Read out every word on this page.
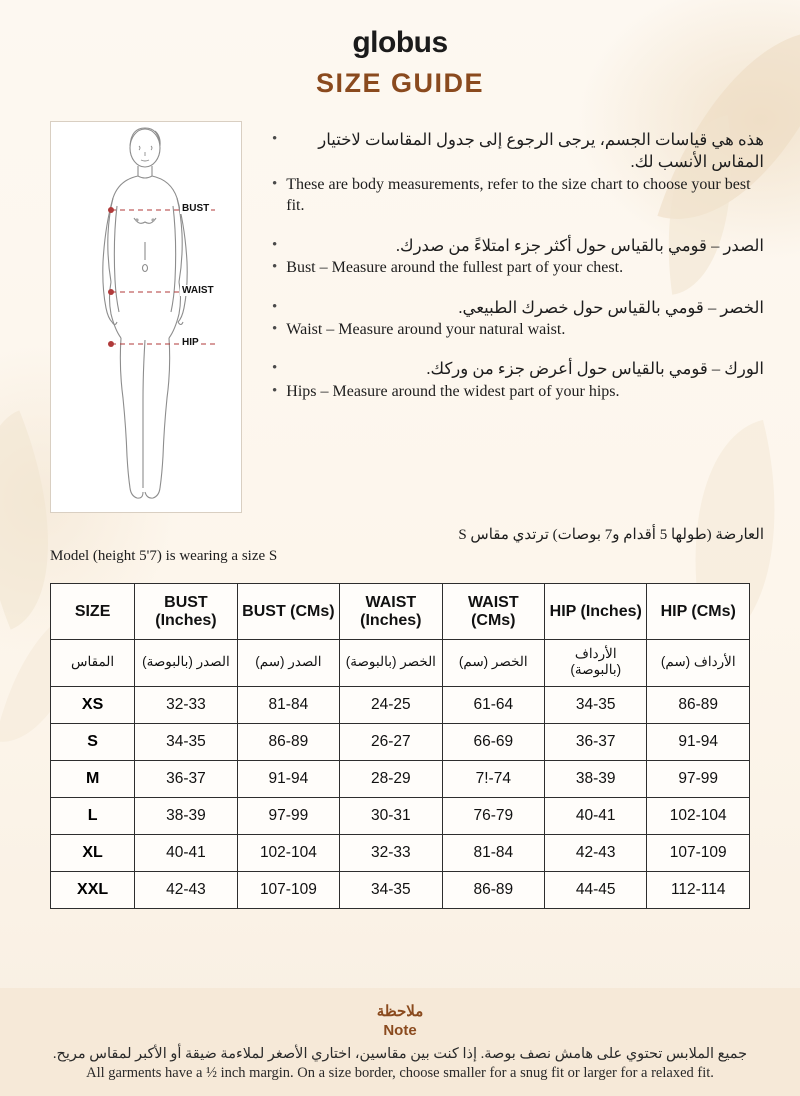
globus
SIZE GUIDE
BUST
WAIST
HIP
•	هذه هي قياسات الجسم، يرجى الرجوع إلى جدول المقاسات لاختيار المقاس الأنسب لك.
• These are body measurements, refer to the size chart to choose your best fit.
•	الصدر – قومي بالقياس حول أكثر جزء امتلاءً من صدرك.
• Bust – Measure around the fullest part of your chest.
•	الخصر – قومي بالقياس حول خصرك الطبيعي.
• Waist – Measure around your natural waist.
•	الورك – قومي بالقياس حول أعرض جزء من وركك.
• Hips – Measure around the widest part of your hips.
العارضة (طولها 5 أقدام و7 بوصات) ترتدي مقاس S
Model (height 5'7) is wearing a size S
SIZE	BUST (Inches)	BUST (CMs)	WAIST (Inches)	WAIST (CMs)	HIP (Inches)	HIP (CMs)
المقاس	الصدر (بالبوصة)	الصدر (سم)	الخصر (بالبوصة)	الخصر (سم)	الأرداف (بالبوصة)	الأرداف (سم)
XS	32-33	81-84	24-25	61-64	34-35	86-89
S	34-35	86-89	26-27	66-69	36-37	91-94
M	36-37	91-94	28-29	7!-74	38-39	97-99
L	38-39	97-99	30-31	76-79	40-41	102-104
XL	40-41	102-104	32-33	81-84	42-43	107-109
XXL	42-43	107-109	34-35	86-89	44-45	112-114
ملاحظة
Note
جميع الملابس تحتوي على هامش نصف بوصة. إذا كنت بين مقاسين، اختاري الأصغر لملاءمة ضيقة أو الأكبر لمقاس مريح.
All garments have a ½ inch margin. On a size border, choose smaller for a snug fit or larger for a relaxed fit.
